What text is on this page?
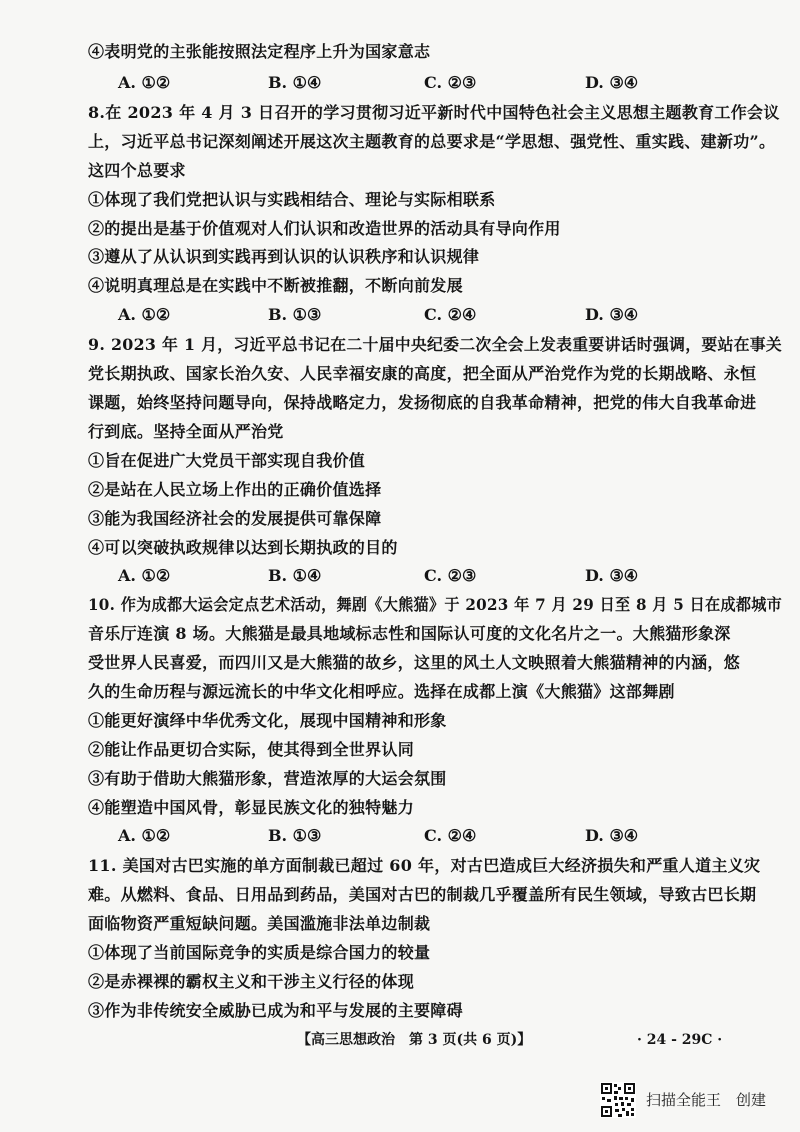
④表明党的主张能按照法定程序上升为国家意志
A. ①②	B. ①④	C. ②③	D. ③④
8.在 2023 年 4 月 3 日召开的学习贯彻习近平新时代中国特色社会主义思想主题教育工作会议
上，习近平总书记深刻阐述开展这次主题教育的总要求是“学思想、强党性、重实践、建新功”。
这四个总要求
①体现了我们党把认识与实践相结合、理论与实际相联系
②的提出是基于价值观对人们认识和改造世界的活动具有导向作用
③遵从了从认识到实践再到认识的认识秩序和认识规律
④说明真理总是在实践中不断被推翻，不断向前发展
A. ①②	B. ①③	C. ②④	D. ③④
9. 2023 年 1 月，习近平总书记在二十届中央纪委二次全会上发表重要讲话时强调，要站在事关
党长期执政、国家长治久安、人民幸福安康的高度，把全面从严治党作为党的长期战略、永恒
课题，始终坚持问题导向，保持战略定力，发扬彻底的自我革命精神，把党的伟大自我革命进
行到底。坚持全面从严治党
①旨在促进广大党员干部实现自我价值
②是站在人民立场上作出的正确价值选择
③能为我国经济社会的发展提供可靠保障
④可以突破执政规律以达到长期执政的目的
A. ①②	B. ①④	C. ②③	D. ③④
10. 作为成都大运会定点艺术活动，舞剧《大熊猫》于 2023 年 7 月 29 日至 8 月 5 日在成都城市
音乐厅连演 8 场。大熊猫是最具地域标志性和国际认可度的文化名片之一。大熊猫形象深
受世界人民喜爱，而四川又是大熊猫的故乡，这里的风土人文映照着大熊猫精神的内涵，悠
久的生命历程与源远流长的中华文化相呼应。选择在成都上演《大熊猫》这部舞剧
①能更好演绎中华优秀文化，展现中国精神和形象
②能让作品更切合实际，使其得到全世界认同
③有助于借助大熊猫形象，营造浓厚的大运会氛围
④能塑造中国风骨，彰显民族文化的独特魅力
A. ①②	B. ①③	C. ②④	D. ③④
11. 美国对古巴实施的单方面制裁已超过 60 年，对古巴造成巨大经济损失和严重人道主义灾
难。从燃料、食品、日用品到药品，美国对古巴的制裁几乎覆盖所有民生领域，导致古巴长期
面临物资严重短缺问题。美国滥施非法单边制裁
①体现了当前国际竞争的实质是综合国力的较量
②是赤裸裸的霸权主义和干涉主义行径的体现
③作为非传统安全威胁已成为和平与发展的主要障碍
【高三思想政治　第 3 页(共 6 页)】	· 24 - 29C ·
扫描全能王　创建
